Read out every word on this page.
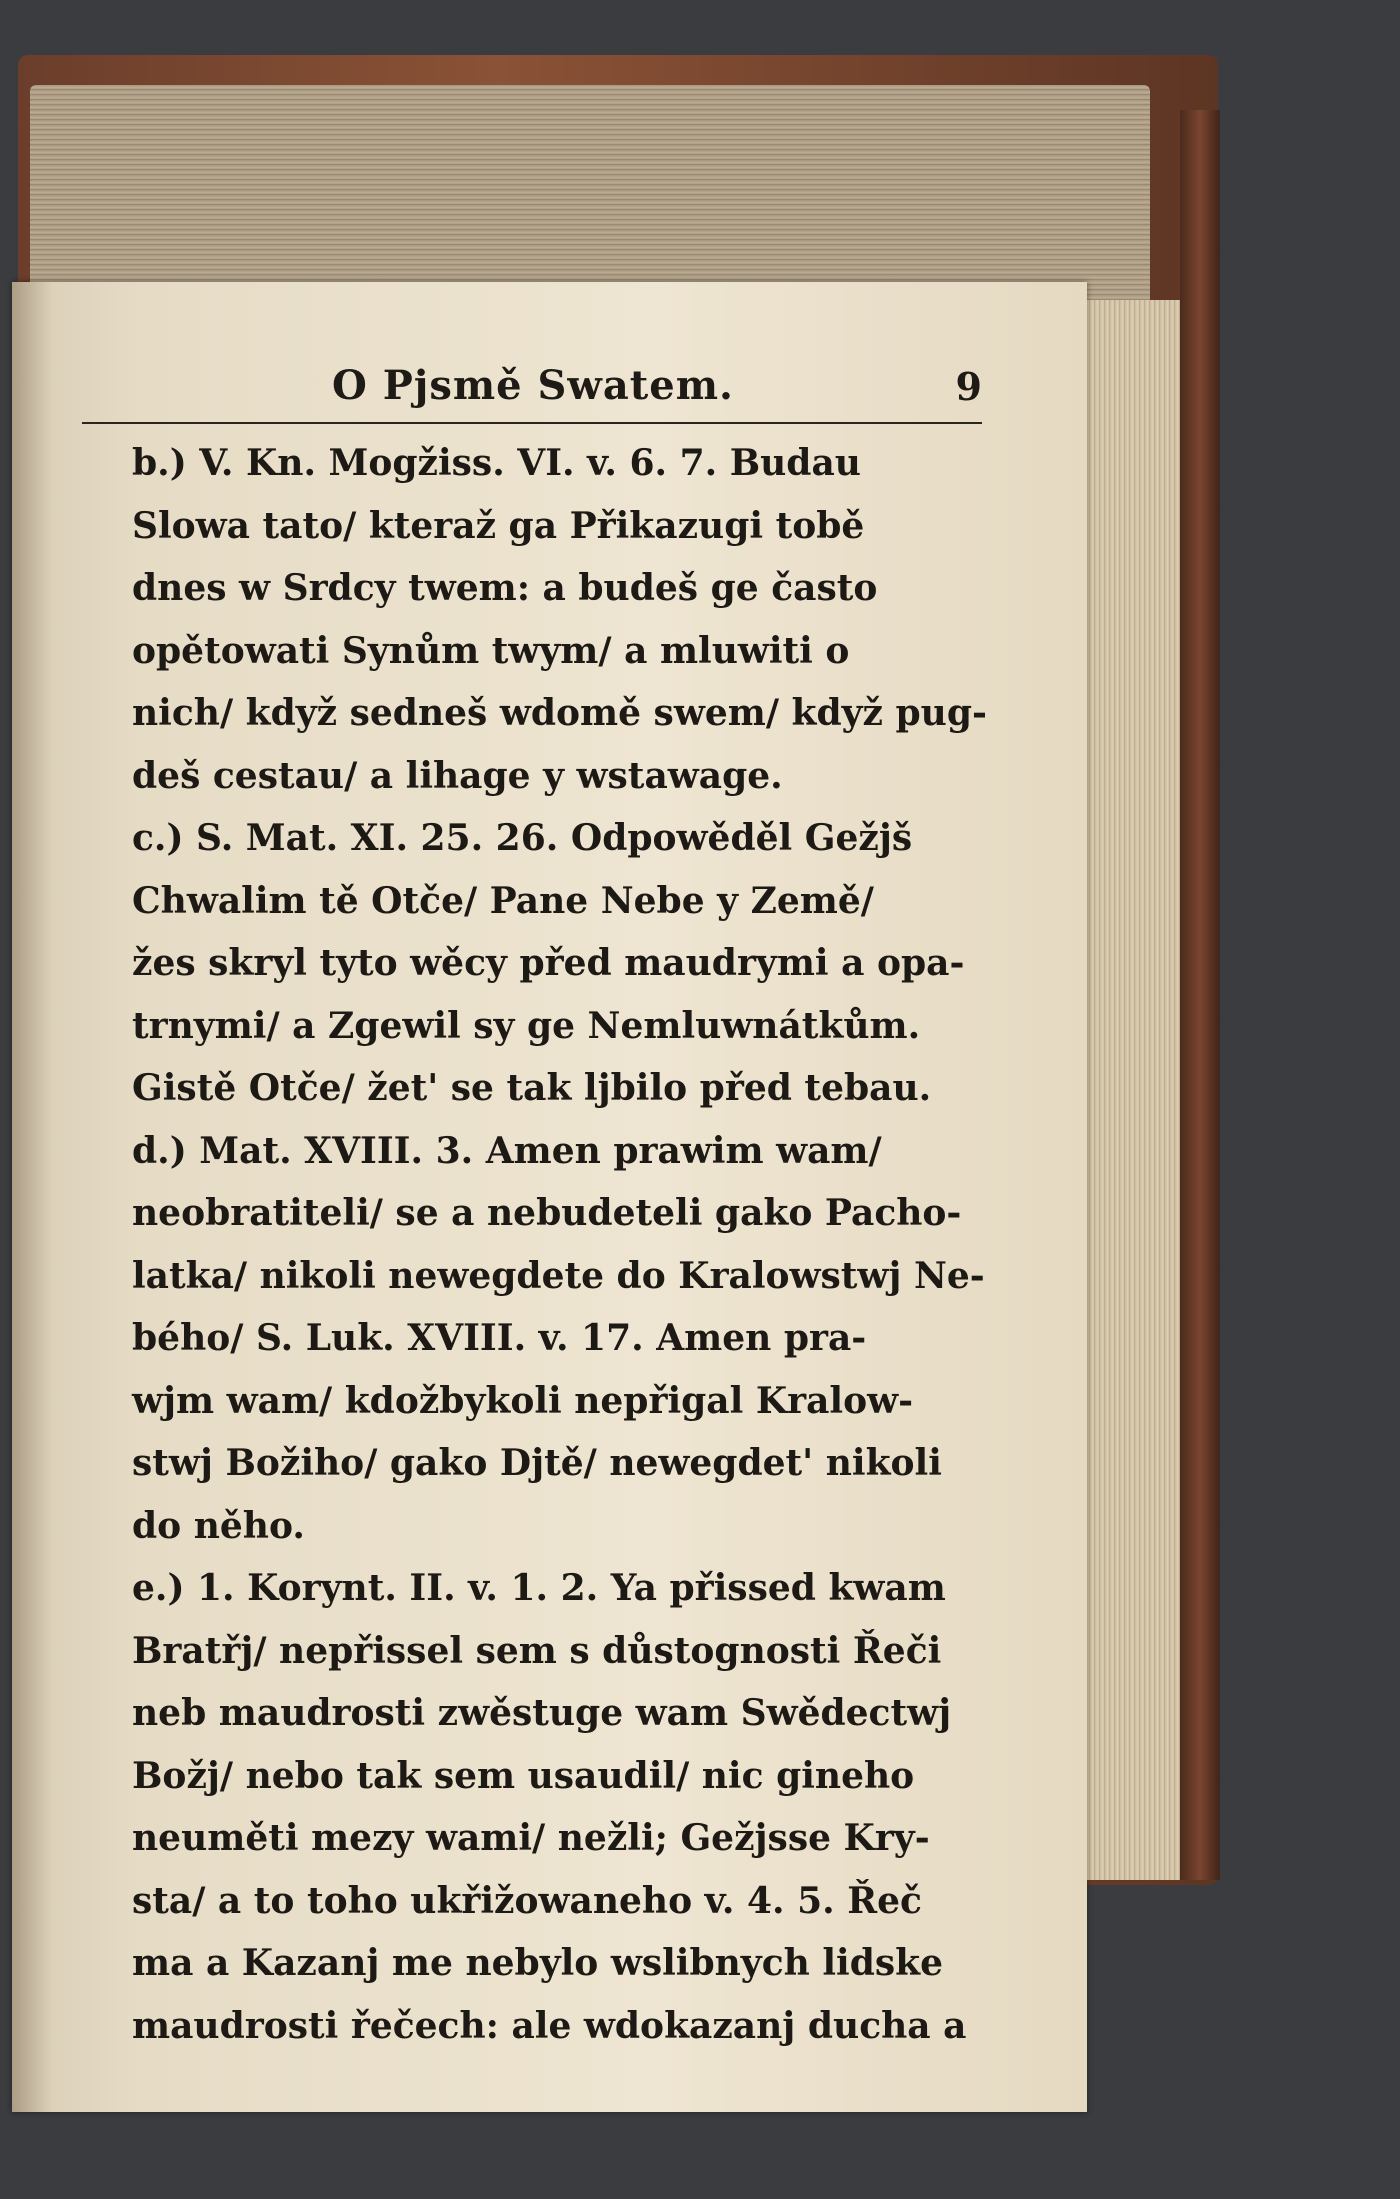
O Pjsmě Swatem.	9

b.) V. Kn. Mogžiss. VI. v. 6. 7. Budau
Slowa tato/ kteraž ga Přikazugi tobě
dnes w Srdcy twem: a budeš ge často
opětowati Synům twym/ a mluwiti o
nich/ když sedneš wdomě swem/ když pug-
deš cestau/ a lihage y wstawage.

c.) S. Mat. XI. 25. 26. Odpowěděl Gežjš
Chwalim tě Otče/ Pane Nebe y Země/
žes skryl tyto wěcy před maudrymi a opa-
trnymi/ a Zgewil sy ge Nemluwnátkům.
Gistě Otče/ žet' se tak ljbilo před tebau.

d.) Mat. XVIII. 3. Amen prawim wam/
neobratiteli/ se a nebudeteli gako Pacho-
latka/ nikoli newegdete do Kralowstwj Ne-
bého/ S. Luk. XVIII. v. 17. Amen pra-
wjm wam/ kdožbykoli nepřigal Kralow-
stwj Božiho/ gako Djtě/ newegdet' nikoli
do něho.

e.) 1. Korynt. II. v. 1. 2. Ya přissed kwam
Bratřj/ nepřissel sem s důstognosti Řeči
neb maudrosti zwěstuge wam Swědectwj
Božj/ nebo tak sem usaudil/ nic gineho
neuměti mezy wami/ nežli; Gežjsse Kry-
sta/ a to toho ukřižowaneho v. 4. 5. Řeč
ma a Kazanj me nebylo wslibnych lidske
maudrosti řečech: ale wdokazanj ducha a
